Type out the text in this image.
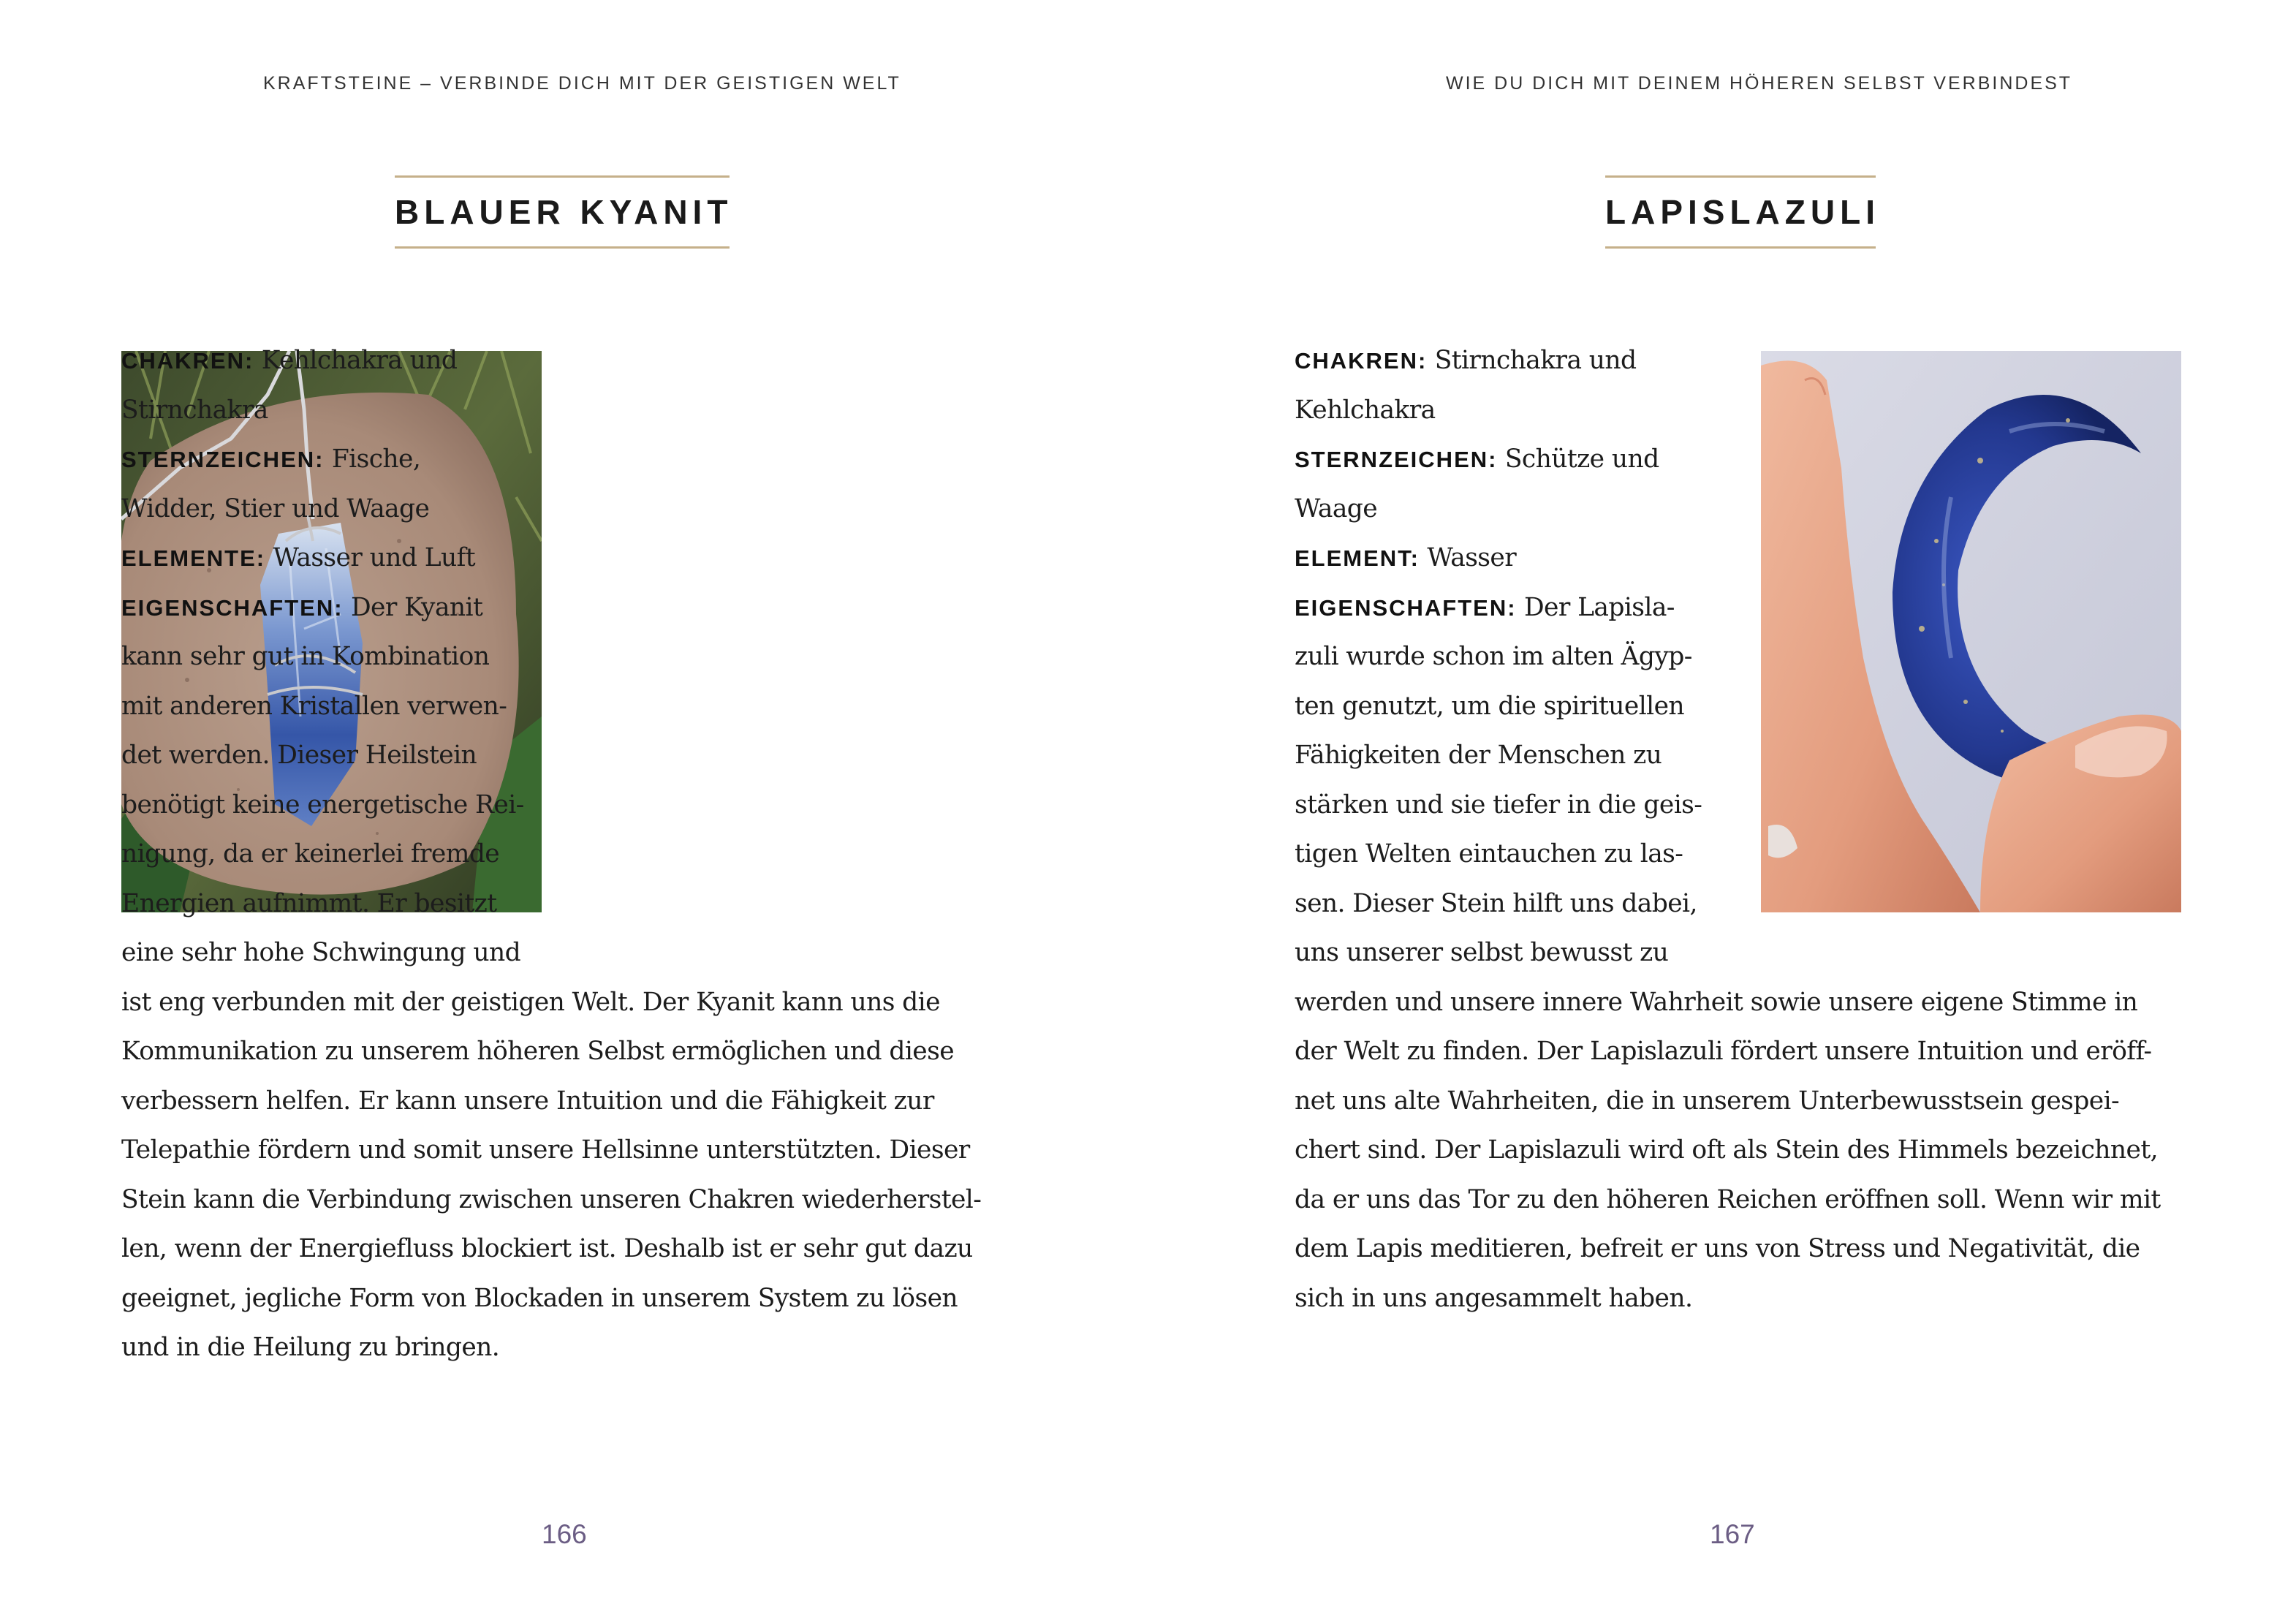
KRAFTSTEINE – VERBINDE DICH MIT DER GEISTIGEN WELT
BLAUER KYANIT
CHAKREN: Kehlchakra und
Stirnchakra
STERNZEICHEN: Fische,
Widder, Stier und Waage
ELEMENTE: Wasser und Luft
EIGENSCHAFTEN: Der Kyanit
kann sehr gut in Kombination
mit anderen Kristallen verwen-
det werden. Dieser Heilstein
benötigt keine energetische Rei-
nigung, da er keinerlei fremde
Energien aufnimmt. Er besitzt
eine sehr hohe Schwingung und
ist eng verbunden mit der geistigen Welt. Der Kyanit kann uns die
Kommunikation zu unserem höheren Selbst ermöglichen und diese
verbessern helfen. Er kann unsere Intuition und die Fähigkeit zur
Telepathie fördern und somit unsere Hellsinne unterstützten. Dieser
Stein kann die Verbindung zwischen unseren Chakren wiederherstel-
len, wenn der Energiefluss blockiert ist. Deshalb ist er sehr gut dazu
geeignet, jegliche Form von Blockaden in unserem System zu lösen
und in die Heilung zu bringen.
166
WIE DU DICH MIT DEINEM HÖHEREN SELBST VERBINDEST
LAPISLAZULI
CHAKREN: Stirnchakra und
Kehlchakra
STERNZEICHEN: Schütze und
Waage
ELEMENT: Wasser
EIGENSCHAFTEN: Der Lapisla-
zuli wurde schon im alten Ägyp-
ten genutzt, um die spirituellen
Fähigkeiten der Menschen zu
stärken und sie tiefer in die geis-
tigen Welten eintauchen zu las-
sen. Dieser Stein hilft uns dabei,
uns unserer selbst bewusst zu
werden und unsere innere Wahrheit sowie unsere eigene Stimme in
der Welt zu finden. Der Lapislazuli fördert unsere Intuition und eröff-
net uns alte Wahrheiten, die in unserem Unterbewusstsein gespei-
chert sind. Der Lapislazuli wird oft als Stein des Himmels bezeichnet,
da er uns das Tor zu den höheren Reichen eröffnen soll. Wenn wir mit
dem Lapis meditieren, befreit er uns von Stress und Negativität, die
sich in uns angesammelt haben.
167
